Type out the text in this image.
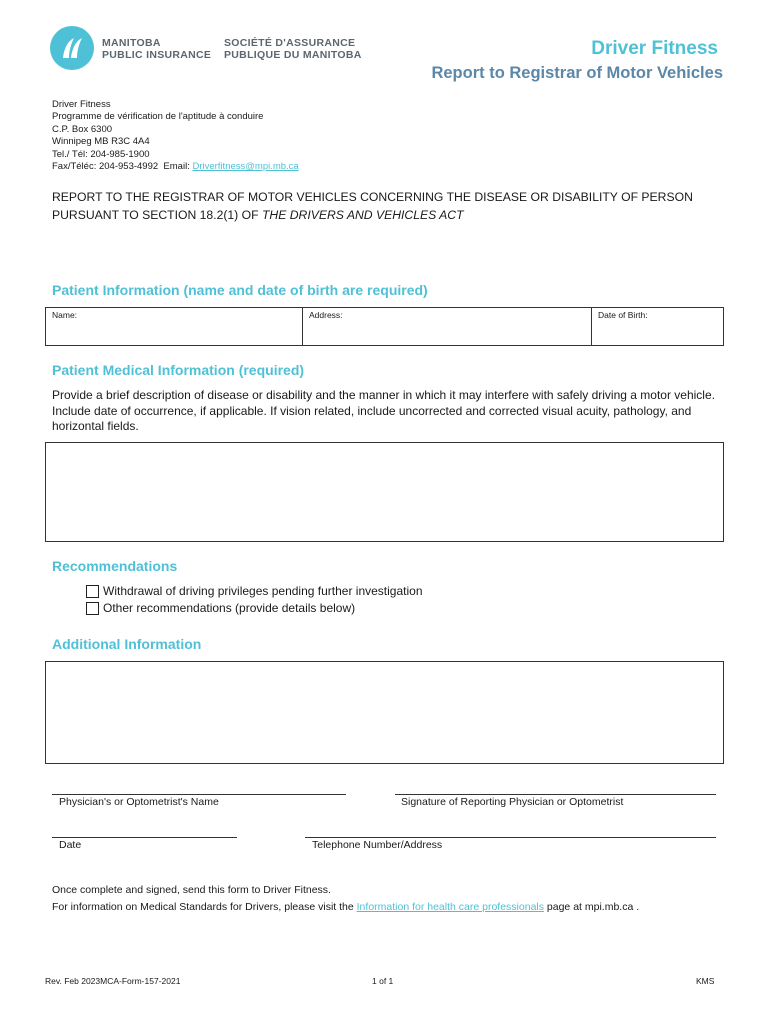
MANITOBA
PUBLIC INSURANCE
SOCIÉTÉ D'ASSURANCE
PUBLIQUE DU MANITOBA	Driver Fitness
Report to Registrar of Motor Vehicles
Driver Fitness
Programme de vérification de l'aptitude à conduire
C.P. Box 6300
Winnipeg MB R3C 4A4
Tel./ Tél: 204-985-1900
Fax/Téléc: 204-953-4992  Email: Driverfitness@mpi.mb.ca
REPORT TO THE REGISTRAR OF MOTOR VEHICLES CONCERNING THE DISEASE OR DISABILITY OF PERSON
PURSUANT TO SECTION 18.2(1) OF THE DRIVERS AND VEHICLES ACT
Patient Information (name and date of birth are required)
Name:	Address:	Date of Birth:
Patient Medical Information (required)
Provide a brief description of disease or disability and the manner in which it may interfere with safely driving a motor vehicle. Include date of occurrence, if applicable. If vision related, include uncorrected and corrected visual acuity, pathology, and horizontal fields.
Recommendations
Withdrawal of driving privileges pending further investigation
Other recommendations (provide details below)
Additional Information
Physician's or Optometrist's Name	Signature of Reporting Physician or Optometrist
Date	Telephone Number/Address
Once complete and signed, send this form to Driver Fitness.
For information on Medical Standards for Drivers, please visit the Information for health care professionals page at mpi.mb.ca .
Rev. Feb 2023MCA-Form-157-2021	1 of 1	KMS
